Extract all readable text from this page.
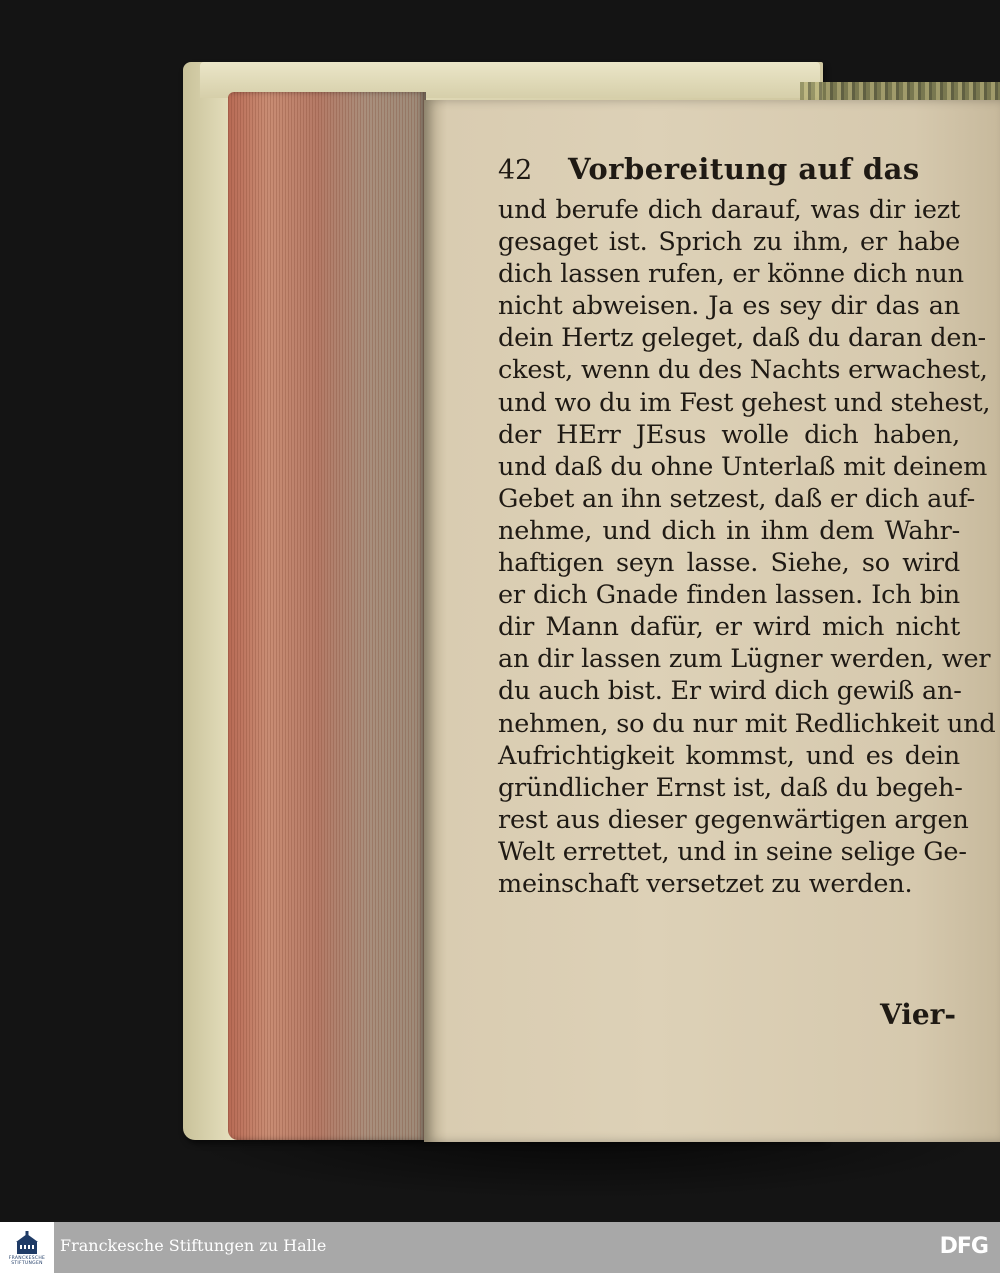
42	Vorbereitung auf das
und berufe dich darauf, was dir iezt
gesaget ist. Sprich zu ihm, er habe
dich lassen rufen, er könne dich nun
nicht abweisen. Ja es sey dir das an
dein Hertz geleget, daß du daran den-
ckest, wenn du des Nachts erwachest,
und wo du im Fest gehest und stehest,
der HErr JEsus wolle dich haben,
und daß du ohne Unterlaß mit deinem
Gebet an ihn setzest, daß er dich auf-
nehme, und dich in ihm dem Wahr-
haftigen seyn lasse. Siehe, so wird
er dich Gnade finden lassen. Ich bin
dir Mann dafür, er wird mich nicht
an dir lassen zum Lügner werden, wer
du auch bist. Er wird dich gewiß an-
nehmen, so du nur mit Redlichkeit und
Aufrichtigkeit kommst, und es dein
gründlicher Ernst ist, daß du begeh-
rest aus dieser gegenwärtigen argen
Welt errettet, und in seine selige Ge-
meinschaft versetzet zu werden.
Vier-
FRANCKESCHE
STIFTUNGEN
Franckesche Stiftungen zu Halle	DFG
